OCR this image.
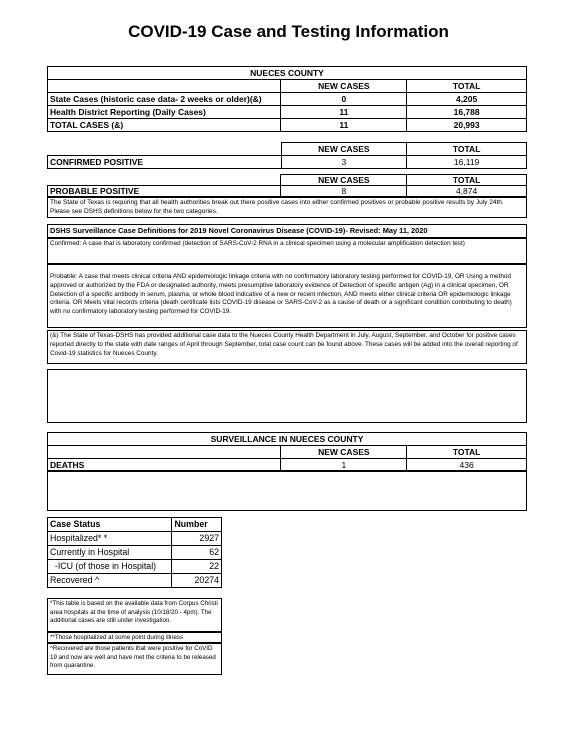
COVID-19 Case and Testing Information
NUECES COUNTY		
	NEW CASES	TOTAL
State Cases (historic case data- 2 weeks or older)(&)	0	4,205
Health District Reporting (Daily Cases)	11	16,788
TOTAL CASES (&)	11	20,993
	NEW CASES	TOTAL
CONFIRMED POSITIVE	3	16,119
	NEW CASES	TOTAL
PROBABLE POSITIVE	8	4,874
The State of Texas is requiring that all health authorities break out there positive cases into either confirmed positives or probable positive results by July 24th. Please see DSHS definitions below for the two categories.
DSHS Surveillance Case Definitions for 2019 Novel Coronavirus Disease (COVID-19)- Revised: May 11, 2020
Confirmed: A case that is laboratory confirmed (detection of SARS-CoV-2 RNA in a clinical specimen using a molecular amplification detection test)
Probable: A case that meets clinical criteria AND epidemiologic linkage criteria with no confirmatory laboratory testing performed for COVID-19, OR Using a method approved or authorized by the FDA or designated authority, meets presumptive laboratory evidence of Detection of specific antigen (Ag) in a clinical specimen, OR Detection of a specific antibody in serum, plasma, or whole blood indicative of a new or recent infection, AND meets either clinical criteria OR epidemiologic linkage criteria. OR Meets vital records criteria (death certificate lists COVID-19 disease or SARS-CoV-2 as a cause of death or a significant condition contributing to death) with no confirmatory laboratory testing performed for COVID-19.
(&) The State of Texas-DSHS has provided additional case data to the Nueces County Health Department in July, August, September, and October for positive cases reported directly to the state with date ranges of April through September, total case count can be found above. These cases will be added into the overall reporting of Covid-19 statistics for Nueces County.
SURVEILLANCE IN NUECES COUNTY		
	NEW CASES	TOTAL
DEATHS	1	436
Case Status	Number
Hospitalized* *	2927
Currently in Hospital	62
-ICU (of those in Hospital)	22
Recovered ^	20274
*This table is based on the available data from Corpus Christi area hospitals at the time of analysis (10/18/20 - 4pm). The additional cases are still under investigation.
**Those hospitalized at some point during illness
^Recovered are those patients that were positive for CoVID 19 and now are well and have met the criteria to be released from quarantine.
